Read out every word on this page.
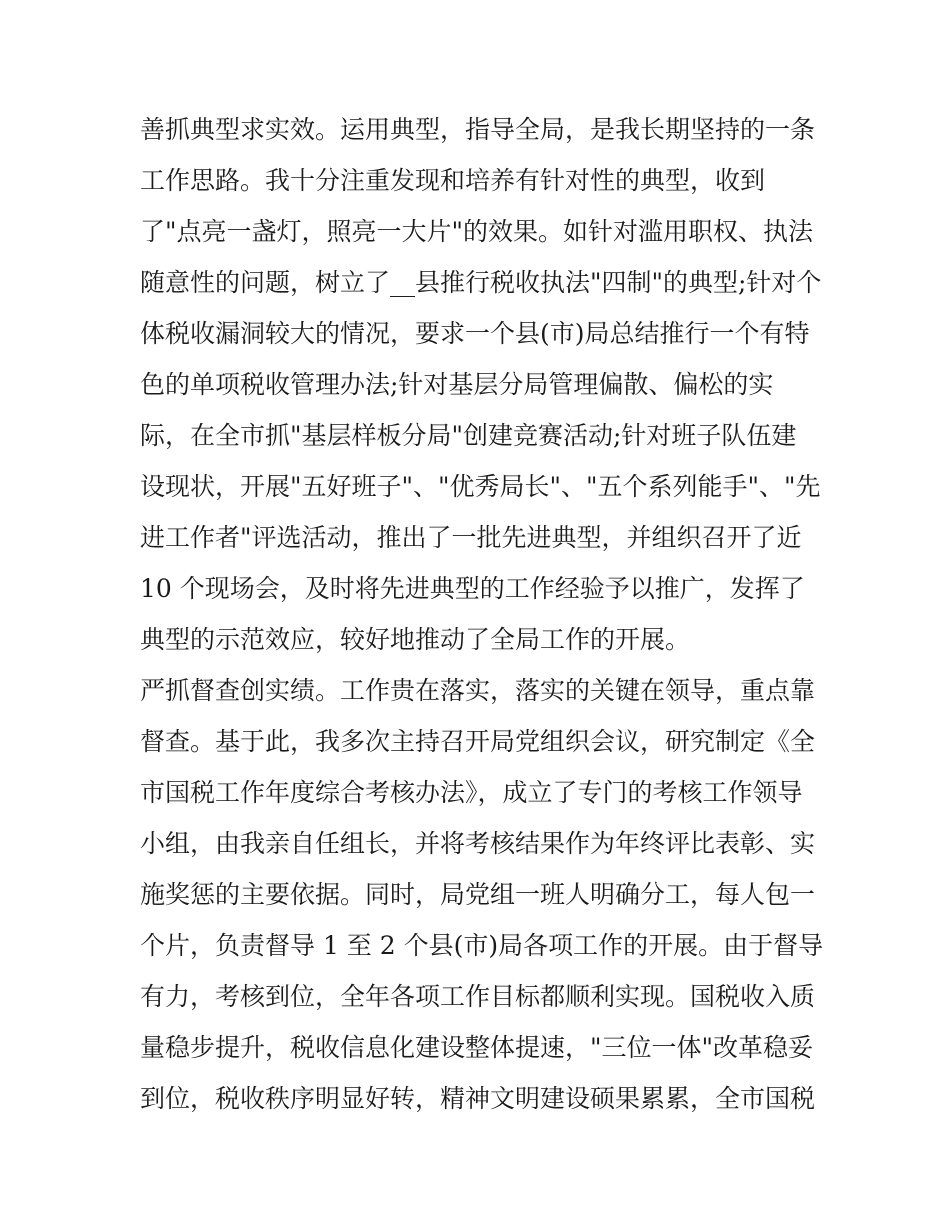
善抓典型求实效。运用典型，指导全局，是我长期坚持的一条
工作思路。我十分注重发现和培养有针对性的典型，收到
了"点亮一盏灯，照亮一大片"的效果。如针对滥用职权、执法
随意性的问题，树立了__县推行税收执法"四制"的典型;针对个
体税收漏洞较大的情况，要求一个县(市)局总结推行一个有特
色的单项税收管理办法;针对基层分局管理偏散、偏松的实
际，在全市抓"基层样板分局"创建竞赛活动;针对班子队伍建
设现状，开展"五好班子"、"优秀局长"、"五个系列能手"、"先
进工作者"评选活动，推出了一批先进典型，并组织召开了近
10 个现场会，及时将先进典型的工作经验予以推广，发挥了
典型的示范效应，较好地推动了全局工作的开展。
严抓督查创实绩。工作贵在落实，落实的关键在领导，重点靠
督查。基于此，我多次主持召开局党组织会议，研究制定《全
市国税工作年度综合考核办法》，成立了专门的考核工作领导
小组，由我亲自任组长，并将考核结果作为年终评比表彰、实
施奖惩的主要依据。同时，局党组一班人明确分工，每人包一
个片，负责督导 1 至 2 个县(市)局各项工作的开展。由于督导
有力，考核到位，全年各项工作目标都顺利实现。国税收入质
量稳步提升，税收信息化建设整体提速，"三位一体"改革稳妥
到位，税收秩序明显好转，精神文明建设硕果累累，全市国税
